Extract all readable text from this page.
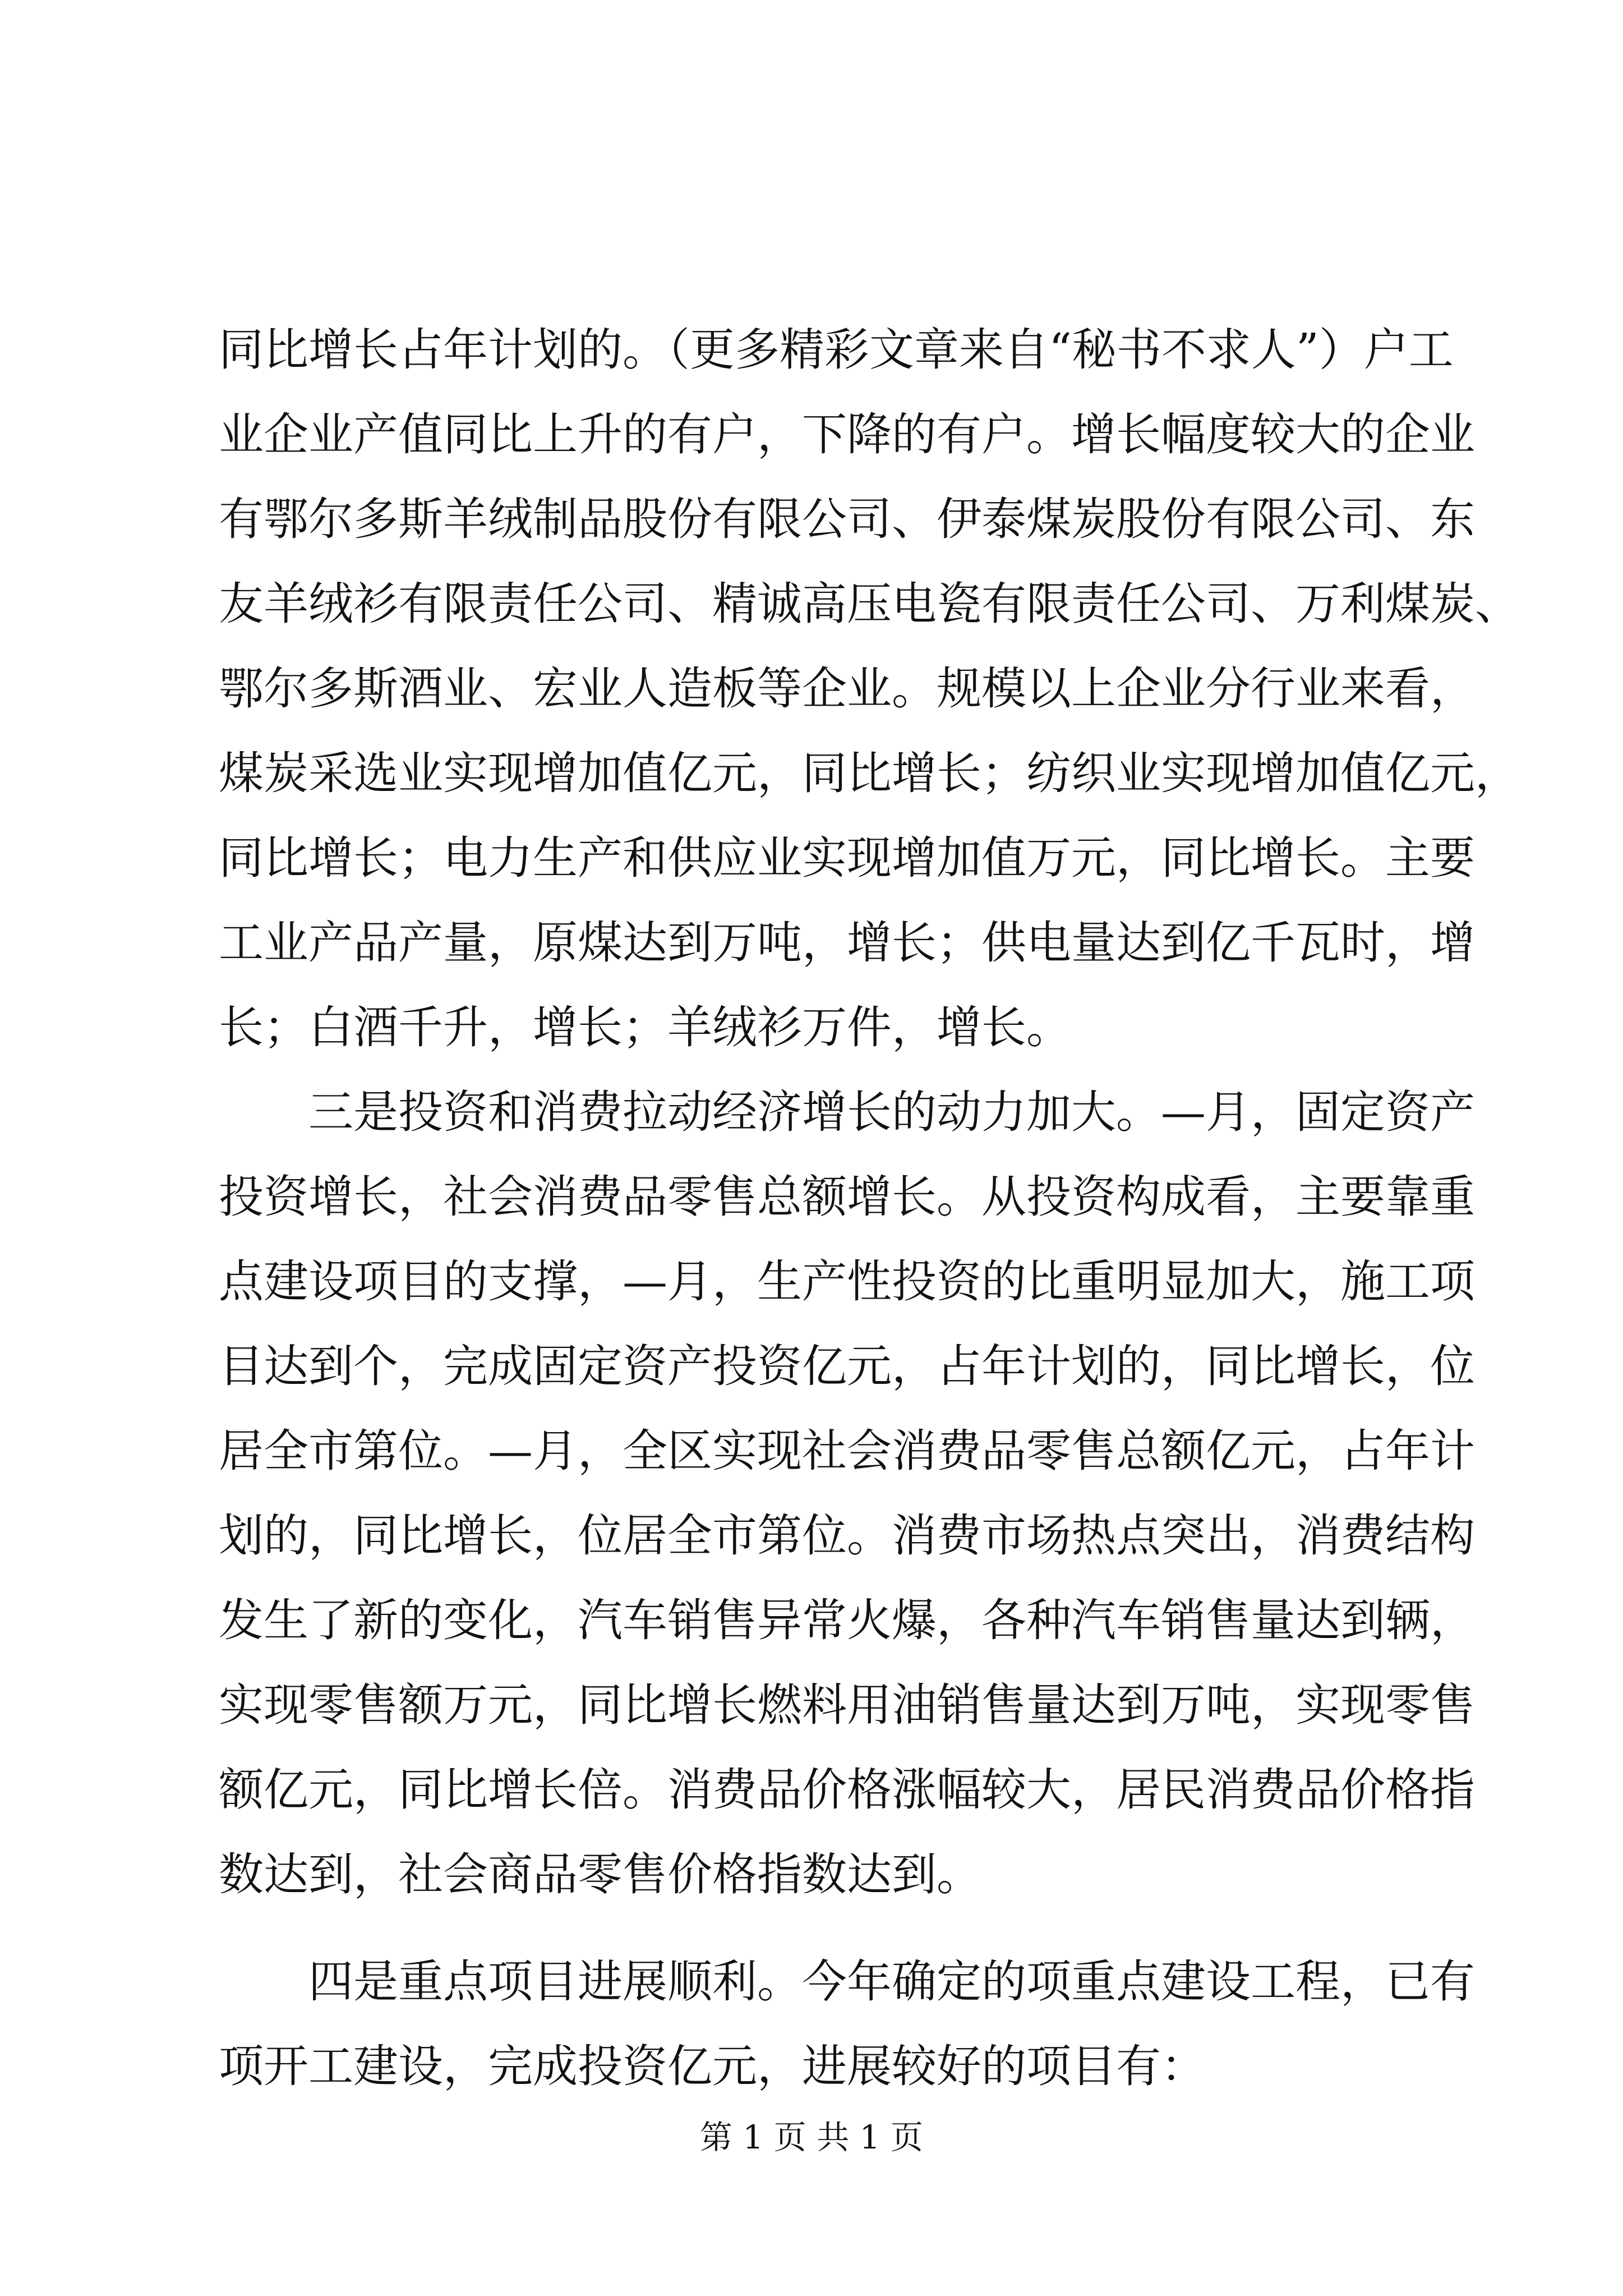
同比增长占年计划的。（更多精彩文章来自“秘书不求人”）户工
业企业产值同比上升的有户，下降的有户。增长幅度较大的企业
有鄂尔多斯羊绒制品股份有限公司、伊泰煤炭股份有限公司、东
友羊绒衫有限责任公司、精诚高压电瓷有限责任公司、万利煤炭、
鄂尔多斯酒业、宏业人造板等企业。规模以上企业分行业来看，
煤炭采选业实现增加值亿元，同比增长；纺织业实现增加值亿元，
同比增长；电力生产和供应业实现增加值万元，同比增长。主要
工业产品产量，原煤达到万吨，增长；供电量达到亿千瓦时，增
长；白酒千升，增长；羊绒衫万件，增长。
三是投资和消费拉动经济增长的动力加大。—月，固定资产
投资增长，社会消费品零售总额增长。从投资构成看，主要靠重
点建设项目的支撑，—月，生产性投资的比重明显加大，施工项
目达到个，完成固定资产投资亿元，占年计划的，同比增长，位
居全市第位。—月，全区实现社会消费品零售总额亿元，占年计
划的，同比增长，位居全市第位。消费市场热点突出，消费结构
发生了新的变化，汽车销售异常火爆，各种汽车销售量达到辆，
实现零售额万元，同比增长燃料用油销售量达到万吨，实现零售
额亿元，同比增长倍。消费品价格涨幅较大，居民消费品价格指
数达到，社会商品零售价格指数达到。
四是重点项目进展顺利。今年确定的项重点建设工程，已有
项开工建设，完成投资亿元，进展较好的项目有：
第 1 页 共 1 页
